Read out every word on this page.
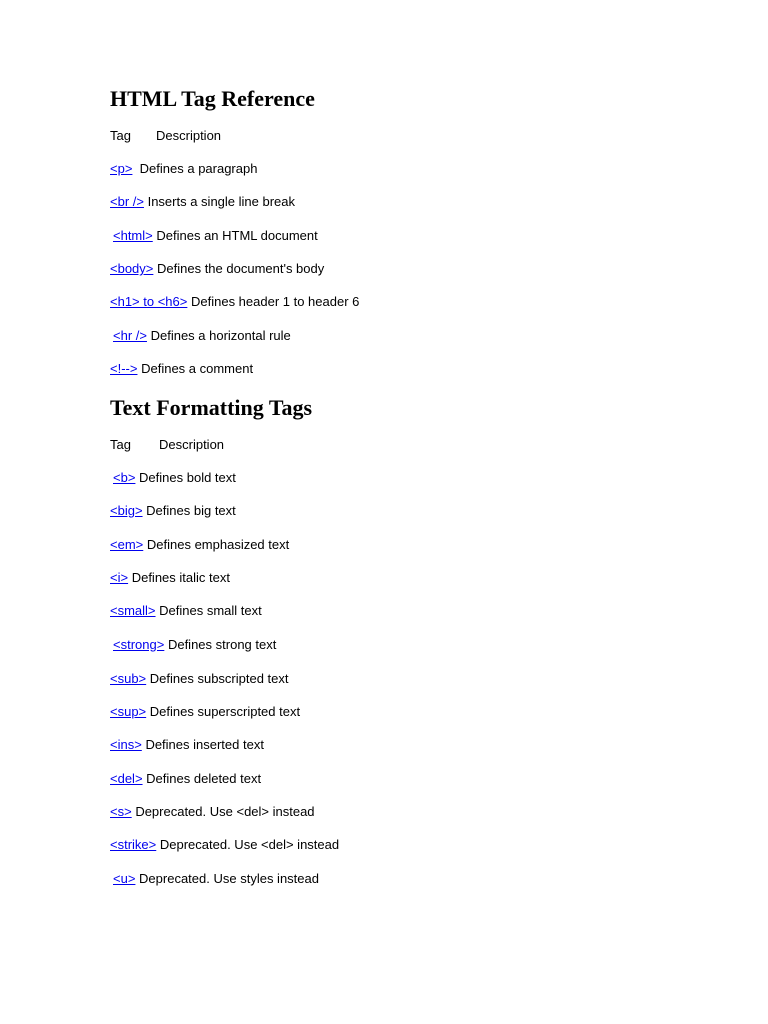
HTML Tag Reference
Tag Description
<p> Defines a paragraph
<br /> Inserts a single line break
<html> Defines an HTML document
<body> Defines the document's body
<h1> to <h6> Defines header 1 to header 6
<hr /> Defines a horizontal rule
<!--> Defines a comment
Text Formatting Tags
Tag Description
<b> Defines bold text
<big> Defines big text
<em> Defines emphasized text
<i> Defines italic text
<small> Defines small text
<strong> Defines strong text
<sub> Defines subscripted text
<sup> Defines superscripted text
<ins> Defines inserted text
<del> Defines deleted text
<s> Deprecated. Use <del> instead
<strike> Deprecated. Use <del> instead
<u> Deprecated. Use styles instead
